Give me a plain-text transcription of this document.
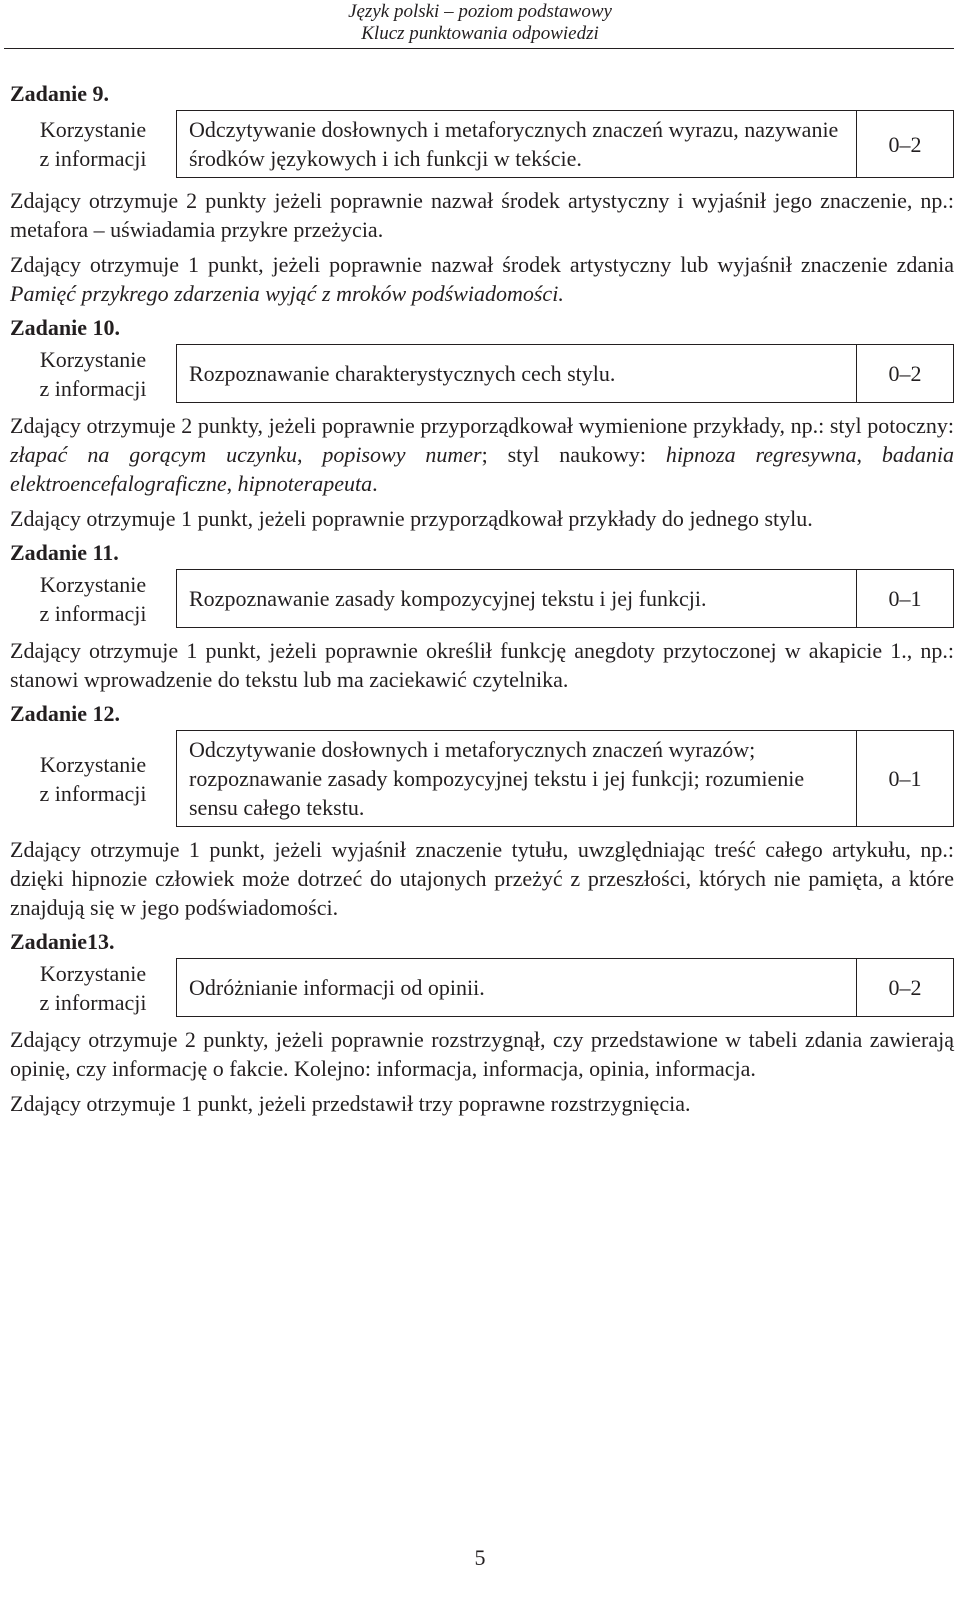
Język polski – poziom podstawowy
Klucz punktowania odpowiedzi
Zadanie 9.
Korzystanie
z informacji
	Odczytywanie dosłownych i metaforycznych znaczeń wyrazu, nazywanie środków językowych i ich funkcji w tekście.	0–2

Zdający otrzymuje 2 punkty jeżeli poprawnie nazwał środek artystyczny i wyjaśnił jego znaczenie, np.: metafora – uświadamia przykre przeżycia.

Zdający otrzymuje 1 punkt, jeżeli poprawnie nazwał środek artystyczny lub wyjaśnił znaczenie zdania Pamięć przykrego zdarzenia wyjąć z mroków podświadomości.

Zadanie 10.
Korzystanie
z informacji
	Rozpoznawanie charakterystycznych cech stylu.	0–2

Zdający otrzymuje 2 punkty, jeżeli poprawnie przyporządkował wymienione przykłady, np.: styl potoczny: złapać na gorącym uczynku, popisowy numer; styl naukowy: hipnoza regresywna, badania elektroencefalograficzne, hipnoterapeuta.

Zdający otrzymuje 1 punkt, jeżeli poprawnie przyporządkował przykłady do jednego stylu.

Zadanie 11.
Korzystanie
z informacji
	Rozpoznawanie zasady kompozycyjnej tekstu i jej funkcji.	0–1

Zdający otrzymuje 1 punkt, jeżeli poprawnie określił funkcję anegdoty przytoczonej w akapicie 1., np.: stanowi wprowadzenie do tekstu lub ma zaciekawić czytelnika.

Zadanie 12.
Korzystanie
z informacji
	Odczytywanie dosłownych i metaforycznych znaczeń wyrazów; rozpoznawanie zasady kompozycyjnej tekstu i jej funkcji; rozumienie sensu całego tekstu.	0–1

Zdający otrzymuje 1 punkt, jeżeli wyjaśnił znaczenie tytułu, uwzględniając treść całego artykułu, np.: dzięki hipnozie człowiek może dotrzeć do utajonych przeżyć z przeszłości, których nie pamięta, a które znajdują się w jego podświadomości.

Zadanie13.
Korzystanie
z informacji
	Odróżnianie informacji od opinii.	0–2

Zdający otrzymuje 2 punkty, jeżeli poprawnie rozstrzygnął, czy przedstawione w tabeli zdania zawierają opinię, czy informację o fakcie. Kolejno: informacja, informacja, opinia, informacja.

Zdający otrzymuje 1 punkt, jeżeli przedstawił trzy poprawne rozstrzygnięcia.

5
